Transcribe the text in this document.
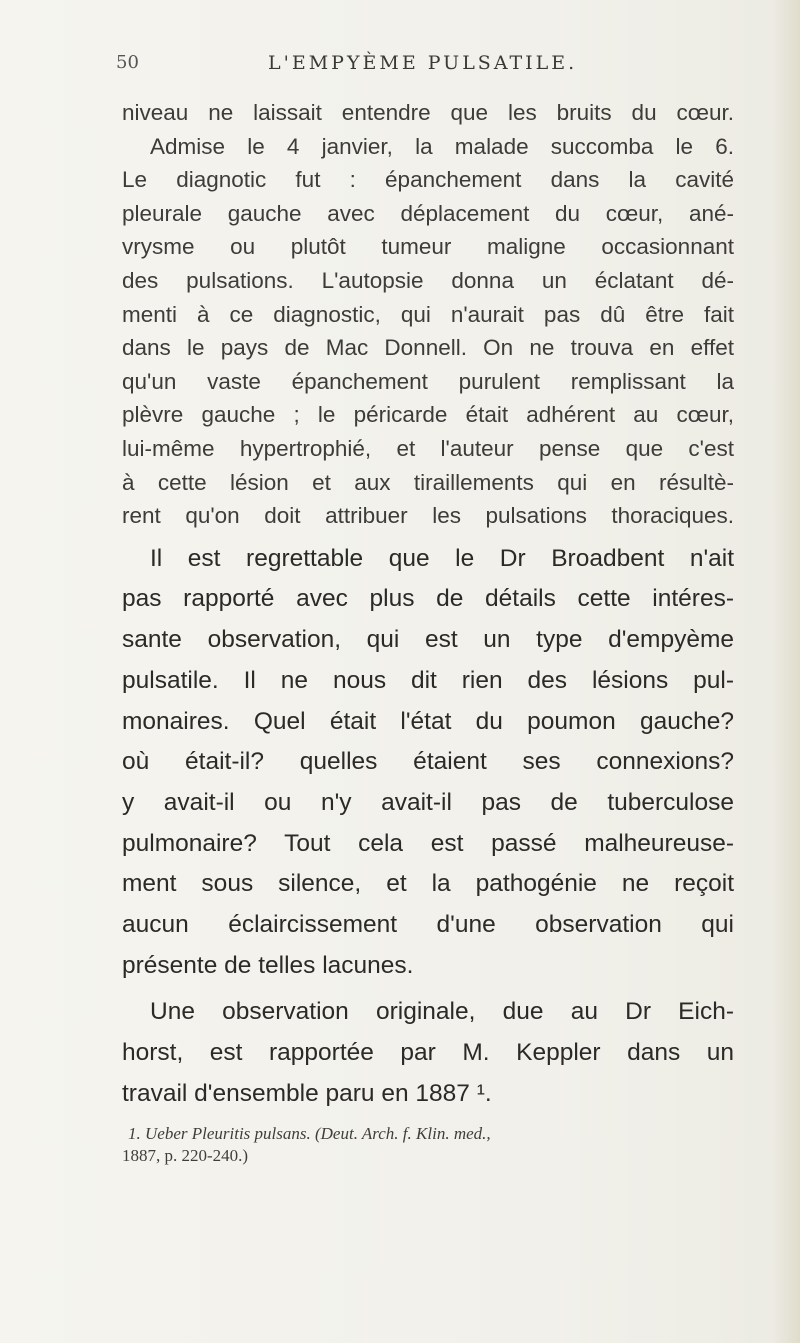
50	L'EMPYÈME PULSATILE.
niveau ne laissait entendre que les bruits du cœur.
Admise le 4 janvier, la malade succomba le 6.
Le diagnotic fut : épanchement dans la cavité
pleurale gauche avec déplacement du cœur, ané-
vrysme ou plutôt tumeur maligne occasionnant
des pulsations. L'autopsie donna un éclatant dé-
menti à ce diagnostic, qui n'aurait pas dû être fait
dans le pays de Mac Donnell. On ne trouva en effet
qu'un vaste épanchement purulent remplissant la
plèvre gauche ; le péricarde était adhérent au cœur,
lui-même hypertrophié, et l'auteur pense que c'est
à cette lésion et aux tiraillements qui en résultè-
rent qu'on doit attribuer les pulsations thoraciques.
Il est regrettable que le Dr Broadbent n'ait
pas rapporté avec plus de détails cette intéres-
sante observation, qui est un type d'empyème
pulsatile. Il ne nous dit rien des lésions pul-
monaires. Quel était l'état du poumon gauche?
où était-il? quelles étaient ses connexions?
y avait-il ou n'y avait-il pas de tuberculose
pulmonaire? Tout cela est passé malheureuse-
ment sous silence, et la pathogénie ne reçoit
aucun éclaircissement d'une observation qui
présente de telles lacunes.
Une observation originale, due au Dr Eich-
horst, est rapportée par M. Keppler dans un
travail d'ensemble paru en 1887 ¹.
1. Ueber Pleuritis pulsans. (Deut. Arch. f. Klin. med.,
1887, p. 220-240.)
